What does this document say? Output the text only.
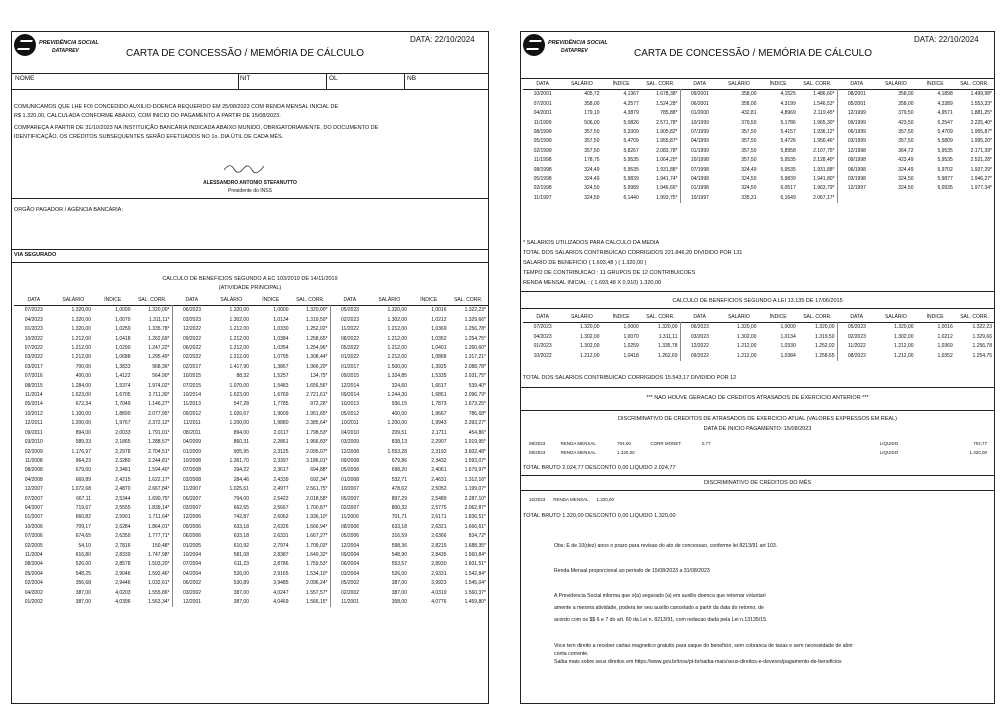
PREVIDÊNCIA SOCIAL
DATAPREV
DATA: 22/10/2024
CARTA DE CONCESSÃO / MEMÓRIA DE CÁLCULO
NOME	NIT	OL	NB
COMUNICAMOS QUE LHE FOI CONCEDIDO AUXILIO-DOENCA REQUERIDO EM 25/08/2023 COM RENDA MENSAL INICIAL DE
R$ 1.320,00, CALCULADA CONFORME ABAIXO, COM INICIO DO PAGAMENTO A PARTIR DE 15/08/2023.
COMPAREÇA A PARTIR DE 31/10/2023 NA INSTITUIÇÃO BANCÁRIA INDICADA ABAIXO MUNIDO, OBRIGATORIAMENTE, DO DOCUMENTO DE
IDENTIFICAÇÃO. OS CRÉDITOS SUBSEQUENTES SERÃO EFETUADOS NO 1o. DIA ÚTIL DE CADA MÊS.
ALESSANDRO ANTONIO STEFANUTTO
Presidente do INSS
ORGÃO PAGADOR / AGÊNCIA BANCÁRIA:
VIA SEGURADO
CALCULO DE BENEFICIOS SEGUNDO A EC 103/2019 DE 14/11/2019
(ATIVIDADE PRINCIPAL)
DATA	SALÁRIO	ÍNDICE	SAL. CORR.	DATA	SALÁRIO	ÍNDICE	SAL. CORR.	DATA	SALÁRIO	ÍNDICE	SAL. CORR.
07/2023	1.320,00	1,0000	1.320,00*	06/2023	1.320,00	1,0000	1.320,00*	05/2023	1.320,00	1,0016	1.322,23*
04/2023	1.320,00	1,0070	1.311,11*	03/2023	1.302,00	1,0134	1.319,50*	02/2023	1.302,00	1,0212	1.329,66*
01/2023	1.320,00	1,0259	1.335,78*	12/2022	1.212,00	1,0330	1.252,02*	11/2022	1.212,00	1,0369	1.256,78*
10/2022	1.212,00	1,0418	1.262,69*	09/2022	1.212,00	1,0384	1.258,65*	08/2022	1.212,00	1,0352	1.254,75*
07/2022	1.212,00	1,0290	1.247,22*	06/2022	1.212,00	1,0354	1.254,96*	05/2022	1.212,00	1,0401	1.260,60*
03/2022	1.212,00	1,0688	1.295,49*	02/2022	1.212,00	1,0795	1.308,44*	01/2022	1.212,00	1,0868	1.317,21*
03/2017	700,00	1,3833	968,36*	02/2017	1.417,90	1,3867	1.966,20*	01/2017	1.500,00	1,3925	2.088,78*
07/2016	400,00	1,4122	564,90*	10/2015	88,32	1,5257	134,75*	09/2015	1.324,85	1,5335	2.031,75*
08/2015	1.284,00	1,5374	1.974,02*	07/2015	1.070,00	1,5483	1.656,56*	12/2014	324,60	1,6617	539,40*
11/2014	1.623,00	1,6705	2.711,30*	10/2014	1.623,00	1,6769	2.721,61*	09/2014	1.244,30	1,6851	2.096,79*
05/2014	672,34	1,7049	1.146,27*	11/2013	547,28	1,7785	972,26*	10/2013	936,15	1,7873	1.673,25*
10/2012	1.100,00	1,8890	2.077,95*	09/2012	1.026,67	1,9009	1.951,65*	05/2012	400,00	1,9667	786,68*
12/2011	1.200,00	1,9767	2.372,12*	11/2011	1.200,00	1,9880	2.385,64*	10/2011	1.200,00	1,9943	2.393,27*
09/2011	894,00	2,0033	1.791,01*	08/2011	894,00	2,0117	1.798,53*	04/2010	209,51	2,1711	454,86*
03/2010	589,33	2,1865	1.288,57*	04/2009	860,31	2,2861	1.966,83*	03/2009	838,13	2,2907	1.919,95*
02/2009	1.176,97	2,2978	2.704,51*	01/2009	905,95	2,3125	2.095,07*	12/2008	1.553,28	2,3192	3.602,48*
11/2008	964,23	2,3280	2.244,81*	10/2008	1.361,70	2,3397	3.186,01*	09/2008	679,86	2,3432	1.593,07*
08/2008	679,00	2,3481	1.594,40*	07/2008	294,22	2,3617	694,88*	05/2008	698,20	2,4061	1.679,97*
04/2008	669,89	2,4215	1.622,17*	03/2008	284,46	2,4339	692,34*	01/2008	532,71	2,4631	1.312,16*
12/2007	1.072,68	2,4870	2.667,84*	11/2007	1.025,61	2,4977	2.561,75*	10/2007	478,62	2,5052	1.199,07*
07/2007	667,11	2,5344	1.690,75*	06/2007	794,00	2,5422	2.018,58*	05/2007	897,29	2,5489	2.287,10*
04/2007	719,67	2,5555	1.839,14*	03/2007	662,65	2,5667	1.700,87*	02/2007	800,32	2,5775	2.062,87*
01/2007	660,82	2,5901	1.711,64*	12/2006	742,87	2,6062	1.936,10*	11/2006	701,71	2,6171	1.836,51*
10/2006	709,17	2,6284	1.864,01*	09/2006	633,18	2,6326	1.666,94*	08/2006	633,18	2,6321	1.666,61*
07/2006	674,65	2,6350	1.777,71*	06/2006	633,18	2,6331	1.667,27*	05/2006	316,59	2,6366	834,72*
02/2005	54,10	2,7816	150,48*	01/2005	610,92	2,7974	1.709,03*	12/2004	598,36	2,8215	1.688,35*
11/2004	616,80	2,8339	1.747,98*	10/2004	581,08	2,8387	1.649,32*	09/2004	548,90	2,8435	1.560,84*
08/2004	526,00	2,8578	1.503,20*	07/2004	611,23	2,8786	1.759,53*	06/2004	553,57	2,8930	1.601,51*
05/2004	548,25	2,9046	1.592,46*	04/2004	526,00	2,9165	1.534,10*	03/2004	526,00	2,9331	1.542,84*
02/2004	356,68	2,9446	1.032,61*	06/2002	530,89	3,9485	2.096,24*	05/2002	387,00	3,9923	1.545,04*
04/2002	387,00	4,0203	1.555,86*	03/2002	387,00	4,0247	1.557,57*	02/2002	387,00	4,0319	1.560,37*
01/2002	387,00	4,0396	1.563,34*	12/2001	387,00	4,0469	1.566,15*	11/2001	358,00	4,0776	1.459,80*
PREVIDÊNCIA SOCIAL
DATAPREV
DATA: 22/10/2024
CARTA DE CONCESSÃO / MEMÓRIA DE CÁLCULO
DATA	SALÁRIO	ÍNDICE	SAL. CORR.	DATA	SALÁRIO	ÍNDICE	SAL. CORR.	DATA	SALÁRIO	ÍNDICE	SAL. CORR.
10/2001	405,72	4,1367	1.678,38*	09/2001	358,00	4,1525	1.486,60*	08/2001	358,00	4,1898	1.499,98*
07/2001	358,00	4,2577	1.524,28*	06/2001	358,00	4,3199	1.546,53*	05/2001	358,00	4,3389	1.553,33*
04/2001	179,10	4,3879	785,88*	01/2000	432,81	4,8969	2.119,45*	12/1999	379,50	4,9571	1.881,25*
11/1999	506,00	5,0826	2.571,78*	10/1999	379,50	5,1786	1.965,30*	09/1999	423,50	5,2547	2.225,40*
08/1999	357,50	5,3309	1.905,82*	07/1999	357,50	5,4157	1.936,12*	06/1999	357,50	5,4709	1.955,87*
05/1999	357,50	5,4709	1.955,87*	04/1999	357,50	5,4726	1.956,46*	03/1999	357,50	5,5809	1.995,20*
02/1999	357,50	5,8267	2.083,78*	01/1999	357,50	5,8958	2.107,75*	12/1998	364,72	5,9535	2.171,39*
11/1998	178,75	5,9535	1.064,20*	10/1998	357,50	5,9535	2.128,40*	09/1998	423,49	5,9535	2.521,28*
08/1998	324,49	5,9535	1.931,88*	07/1998	324,49	5,9535	1.931,88*	06/1998	324,49	5,9702	1.937,29*
05/1998	324,49	5,9839	1.941,74*	04/1998	324,50	5,9839	1.941,80*	03/1998	324,50	5,9877	1.946,27*
02/1998	324,50	5,9989	1.946,66*	01/1998	324,50	6,0517	1.963,79*	12/1997	324,50	6,0935	1.977,34*
11/1997	324,50	6,1440	1.993,75*	10/1997	335,31	6,1649	2.067,17*				
* SALARIOS UTILIZADOS PARA CALCULO DA MEDIA
TOTAL DOS SALARIOS CONTRIBUICAO CORRIGIDOS 221.846,20 DIVIDIDO POR 131
SALARIO DE BENEFICIO ( 1.693,48 ) ( 1.320,00 )
TEMPO DE CONTRIBUICAO : 11 GRUPOS DE 12 CONTRIBUICOES
RENDA MENSAL INICIAL : ( 1.693,48 X 0,910) 1.320,00
CALCULO DE BENEFICIOS SEGUNDO A LEI 13.135 DE 17/06/2015
DATA	SALÁRIO	ÍNDICE	SAL. CORR.	DATA	SALÁRIO	ÍNDICE	SAL. CORR.	DATA	SALÁRIO	ÍNDICE	SAL. CORR.
07/2023	1.320,00	1,0000	1.320,00	06/2023	1.320,00	1,0000	1.320,00	05/2023	1.320,00	1,0016	1.322,23
04/2023	1.302,00	1,0070	1.311,11	03/2023	1.302,00	1,0134	1.319,50	02/2023	1.302,00	1,0212	1.329,66
01/2023	1.302,00	1,0259	1.335,78	12/2022	1.212,00	1,0330	1.252,02	11/2022	1.212,00	1,0369	1.256,78
10/2022	1.212,00	1,0418	1.262,69	09/2022	1.212,00	1,0384	1.258,65	08/2022	1.212,00	1,0352	1.254,75
TOTAL DOS SALARIOS CONTRIBUICAO CORRIGIDOS 15.543,17 DIVIDIDO POR 12
*** NAO HOUVE GERACAO DE CREDITOS ATRASADOS DE EXERCICIO ANTERIOR ***
DISCRIMINATIVO DE CREDITOS DE ATRASADOS DE EXERCICIO ATUAL (VALORES EXPRESSOS EM REAL)
DATA DE INICIO PAGAMENTO: 15/08/2023
08/2023	RENDA MENSAL	704,00	CORR MONET.	0,77	LIQUIDO	704,77
09/2023	RENDA MENSAL	1.320,00			LIQUIDO	1.320,00
TOTAL BRUTO 2.024,77 DESCONTO 0,00 LIQUIDO 2.024,77
DISCRIMINATIVO DE CRÉDITOS DO MÊS
10/2023	RENDA MENSAL	1.320,00
TOTAL BRUTO 1.320,00 DESCONTO 0,00 LIQUIDO 1.320,00
Obs: E de 10(dez) anos o prazo para revisao do ato de concessao, conforme lei 8213/91 art 103.
Renda Mensal proporcional ao periodo de 15/08/2023 a 31/08/2023
A Previdencia Social informa que o(a) segurado (a) em auxilio doenca que retornar voluntari
amente a mesma atividade, podera ter seu auxilio cancelado a partir da data do retorno, de
acordo com os $$ 6 e 7 do art. 60 da Lei n. 8213/91, com redacao dada pela Lei n.13135/15.
Voce tem direito a receber cartao magnetico gratuito para saque do beneficio, sem cobranca de taxas e sem necessidade de abrir
conta corrente.
Saiba mais sobre seus direitos em https://www.gov.br/inss/pt-br/saiba-mais/seus-direitos-e-deveres/pagamento-de-beneficios
